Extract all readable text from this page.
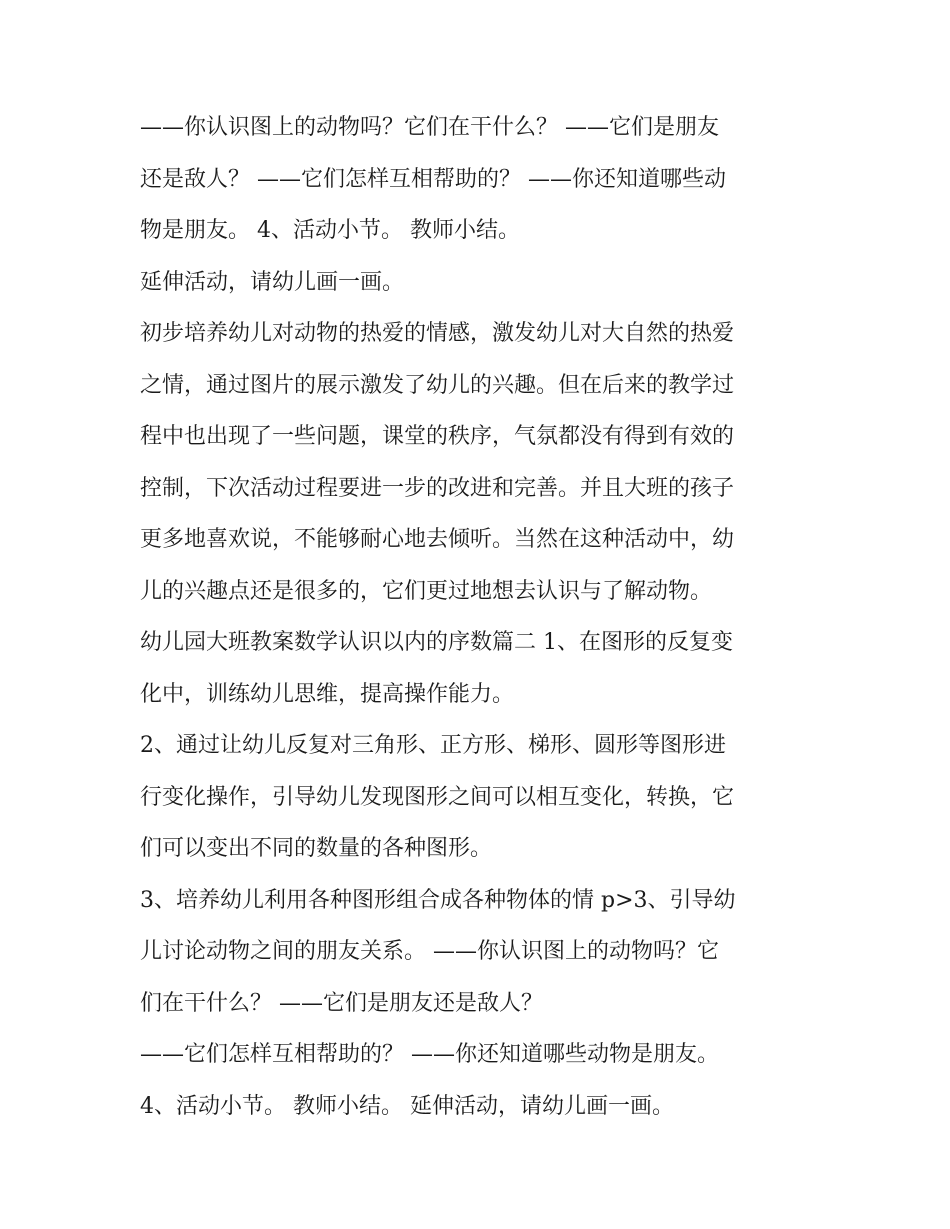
——你认识图上的动物吗？它们在干什么？ ——它们是朋友
还是敌人？ ——它们怎样互相帮助的？ ——你还知道哪些动
物是朋友。 4、活动小节。 教师小结。
延伸活动，请幼儿画一画。
初步培养幼儿对动物的热爱的情感，激发幼儿对大自然的热爱
之情，通过图片的展示激发了幼儿的兴趣。但在后来的教学过
程中也出现了一些问题，课堂的秩序，气氛都没有得到有效的
控制，下次活动过程要进一步的改进和完善。并且大班的孩子
更多地喜欢说，不能够耐心地去倾听。当然在这种活动中，幼
儿的兴趣点还是很多的，它们更过地想去认识与了解动物。
幼儿园大班教案数学认识以内的序数篇二 1、在图形的反复变
化中，训练幼儿思维，提高操作能力。
2、通过让幼儿反复对三角形、正方形、梯形、圆形等图形进
行变化操作，引导幼儿发现图形之间可以相互变化，转换，它
们可以变出不同的数量的各种图形。
3、培养幼儿利用各种图形组合成各种物体的情 p>3、引导幼
儿讨论动物之间的朋友关系。 ——你认识图上的动物吗？它
们在干什么？ ——它们是朋友还是敌人？
——它们怎样互相帮助的？ ——你还知道哪些动物是朋友。
4、活动小节。 教师小结。 延伸活动，请幼儿画一画。
